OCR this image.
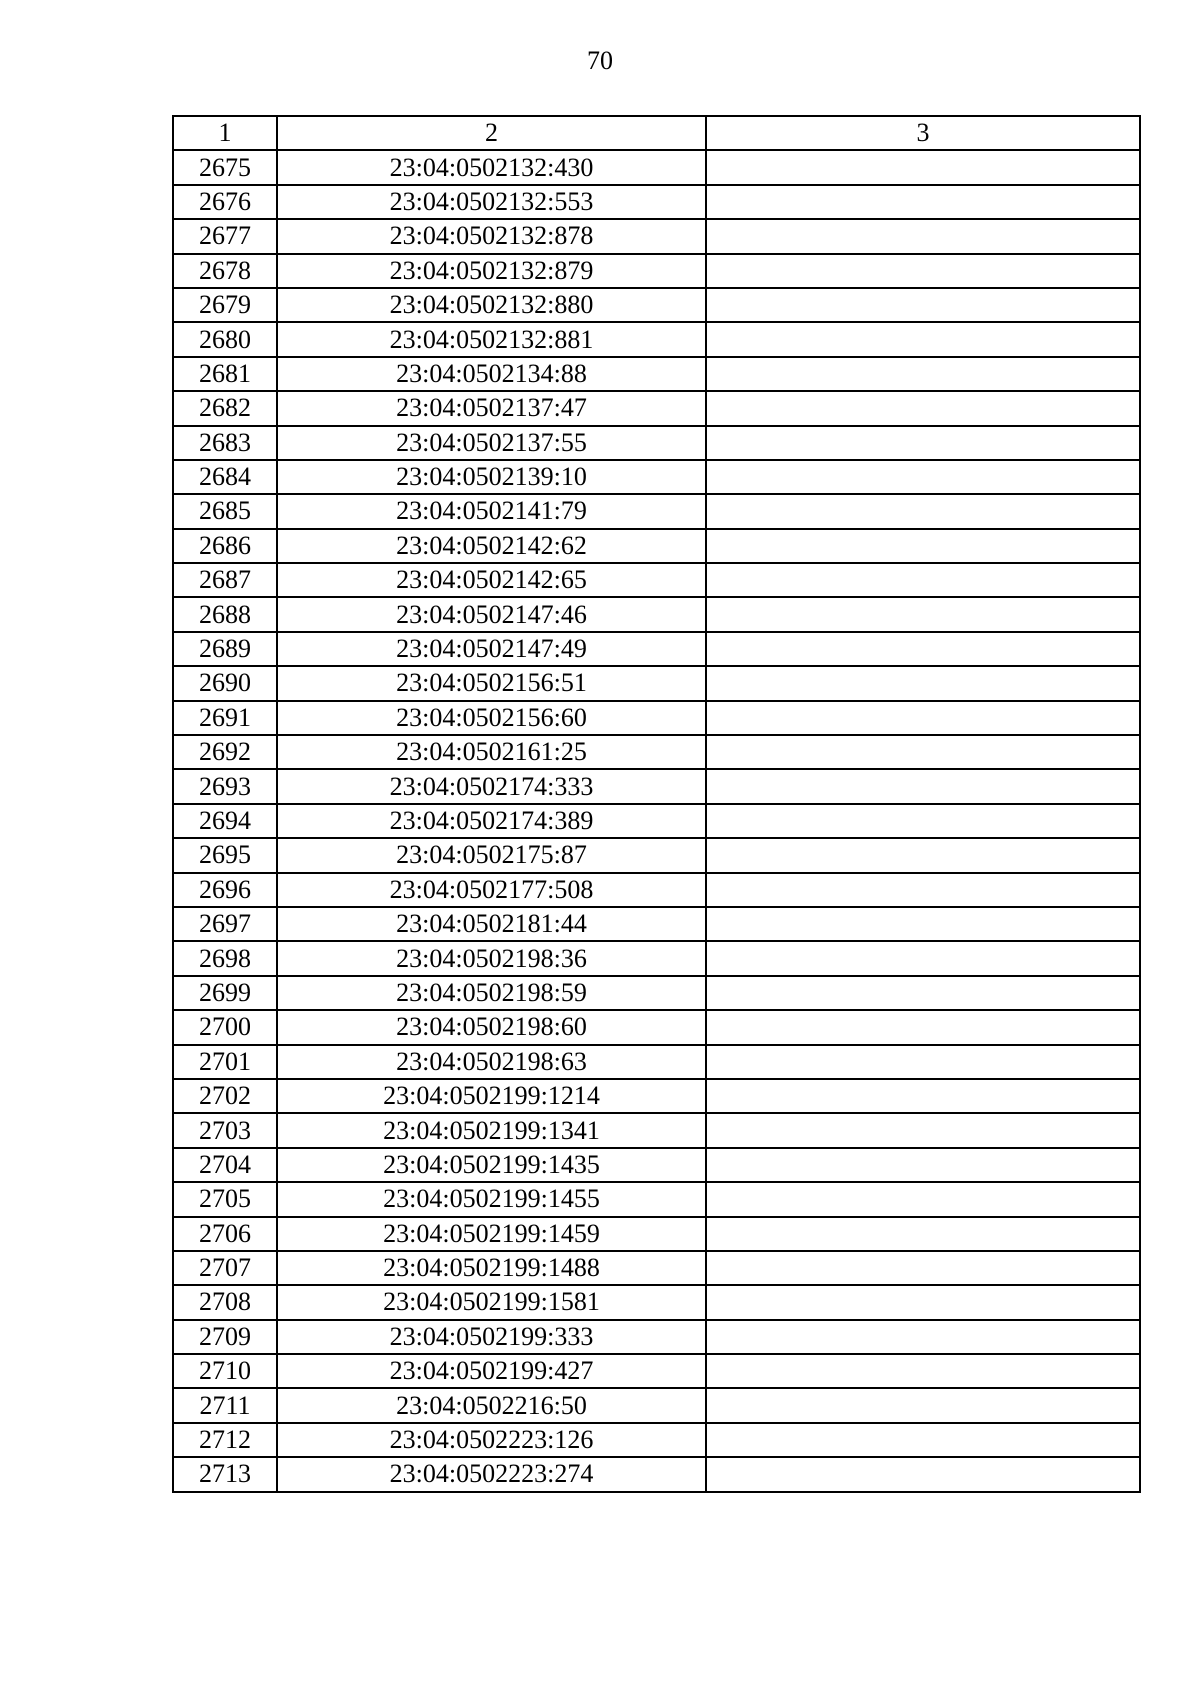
70
1	2	3
2675	23:04:0502132:430	
2676	23:04:0502132:553	
2677	23:04:0502132:878	
2678	23:04:0502132:879	
2679	23:04:0502132:880	
2680	23:04:0502132:881	
2681	23:04:0502134:88	
2682	23:04:0502137:47	
2683	23:04:0502137:55	
2684	23:04:0502139:10	
2685	23:04:0502141:79	
2686	23:04:0502142:62	
2687	23:04:0502142:65	
2688	23:04:0502147:46	
2689	23:04:0502147:49	
2690	23:04:0502156:51	
2691	23:04:0502156:60	
2692	23:04:0502161:25	
2693	23:04:0502174:333	
2694	23:04:0502174:389	
2695	23:04:0502175:87	
2696	23:04:0502177:508	
2697	23:04:0502181:44	
2698	23:04:0502198:36	
2699	23:04:0502198:59	
2700	23:04:0502198:60	
2701	23:04:0502198:63	
2702	23:04:0502199:1214	
2703	23:04:0502199:1341	
2704	23:04:0502199:1435	
2705	23:04:0502199:1455	
2706	23:04:0502199:1459	
2707	23:04:0502199:1488	
2708	23:04:0502199:1581	
2709	23:04:0502199:333	
2710	23:04:0502199:427	
2711	23:04:0502216:50	
2712	23:04:0502223:126	
2713	23:04:0502223:274	
